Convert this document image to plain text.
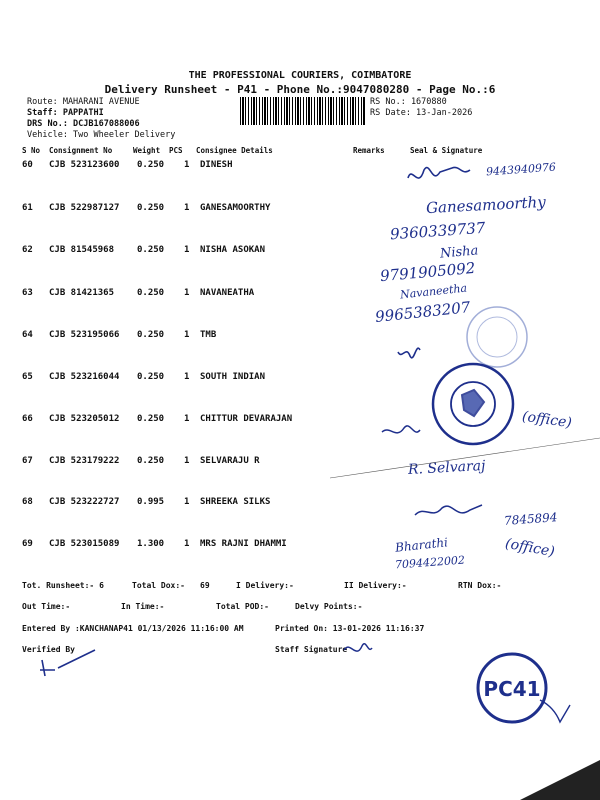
THE PROFESSIONAL COURIERS, COIMBATORE
Delivery Runsheet - P41 - Phone No.:9047080280 - Page No.:6
Route: MAHARANI AVENUE
Staff: PAPPATHI
DRS No.: DCJB167088006
Vehicle: Two Wheeler Delivery
RS No.: 1670880
RS Date: 13-Jan-2026
S No Consignment No	Weight PCS Consignee Details	Remarks	Seal & Signature
60 CJB 523123600 0.250 1 DINESH
61 CJB 522987127 0.250 1 GANESAMOORTHY
62 CJB 81545968	0.250 1 NISHA ASOKAN
63 CJB 81421365	0.250 1 NAVANEATHA
64 CJB 523195066 0.250 1 TMB
65 CJB 523216044 0.250 1 SOUTH INDIAN
66 CJB 523205012 0.250 1 CHITTUR DEVARAJAN
67 CJB 523179222 0.250 1 SELVARAJU R
68 CJB 523222727 0.995 1 SHREEKA SILKS
69 CJB 523015089 1.300 1 MRS RAJNI DHAMMI
Tot. Runsheet:- 6	Total Dox:- 69	I Delivery:-	II Delivery:-	RTN Dox:-
Out Time:-	In Time:-	Total POD:-	Delvy Points:-
Entered By :KANCHANAP41 01/13/2026 11:16:00 AM	Printed On: 13-01-2026 11:16:37
Verified By	Staff Signature
9443940976
Ganesamoorthy
9360339737
Nisha
9791905092
Navaneetha
9965383207
(office)
R. Selvaraj
7845894
Bharathi
7094422002
(office)
PC41
